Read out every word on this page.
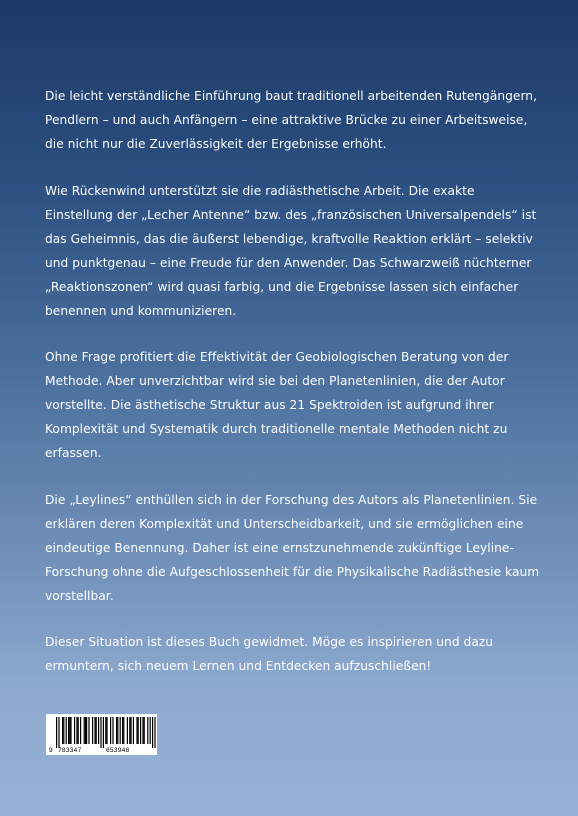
Die leicht verständliche Einführung baut traditionell arbeitenden Rutengängern,
Pendlern – und auch Anfängern – eine attraktive Brücke zu einer Arbeitsweise,
die nicht nur die Zuverlässigkeit der Ergebnisse erhöht.

Wie Rückenwind unterstützt sie die radiästhetische Arbeit. Die exakte
Einstellung der „Lecher Antenne“ bzw. des „französischen Universalpendels“ ist
das Geheimnis, das die äußerst lebendige, kraftvolle Reaktion erklärt – selektiv
und punktgenau – eine Freude für den Anwender. Das Schwarzweiß nüchterner
„Reaktionszonen“ wird quasi farbig, und die Ergebnisse lassen sich einfacher
benennen und kommunizieren.

Ohne Frage profitiert die Effektivität der Geobiologischen Beratung von der
Methode. Aber unverzichtbar wird sie bei den Planetenlinien, die der Autor
vorstellte. Die ästhetische Struktur aus 21 Spektroiden ist aufgrund ihrer
Komplexität und Systematik durch traditionelle mentale Methoden nicht zu
erfassen.

Die „Leylines“ enthüllen sich in der Forschung des Autors als Planetenlinien. Sie
erklären deren Komplexität und Unterscheidbarkeit, und sie ermöglichen eine
eindeutige Benennung. Daher ist eine ernstzunehmende zukünftige Leyline-
Forschung ohne die Aufgeschlossenheit für die Physikalische Radiästhesie kaum
vorstellbar.

Dieser Situation ist dieses Buch gewidmet. Möge es inspirieren und dazu
ermuntern, sich neuem Lernen und Entdecken aufzuschließen!

9 783347	653948
